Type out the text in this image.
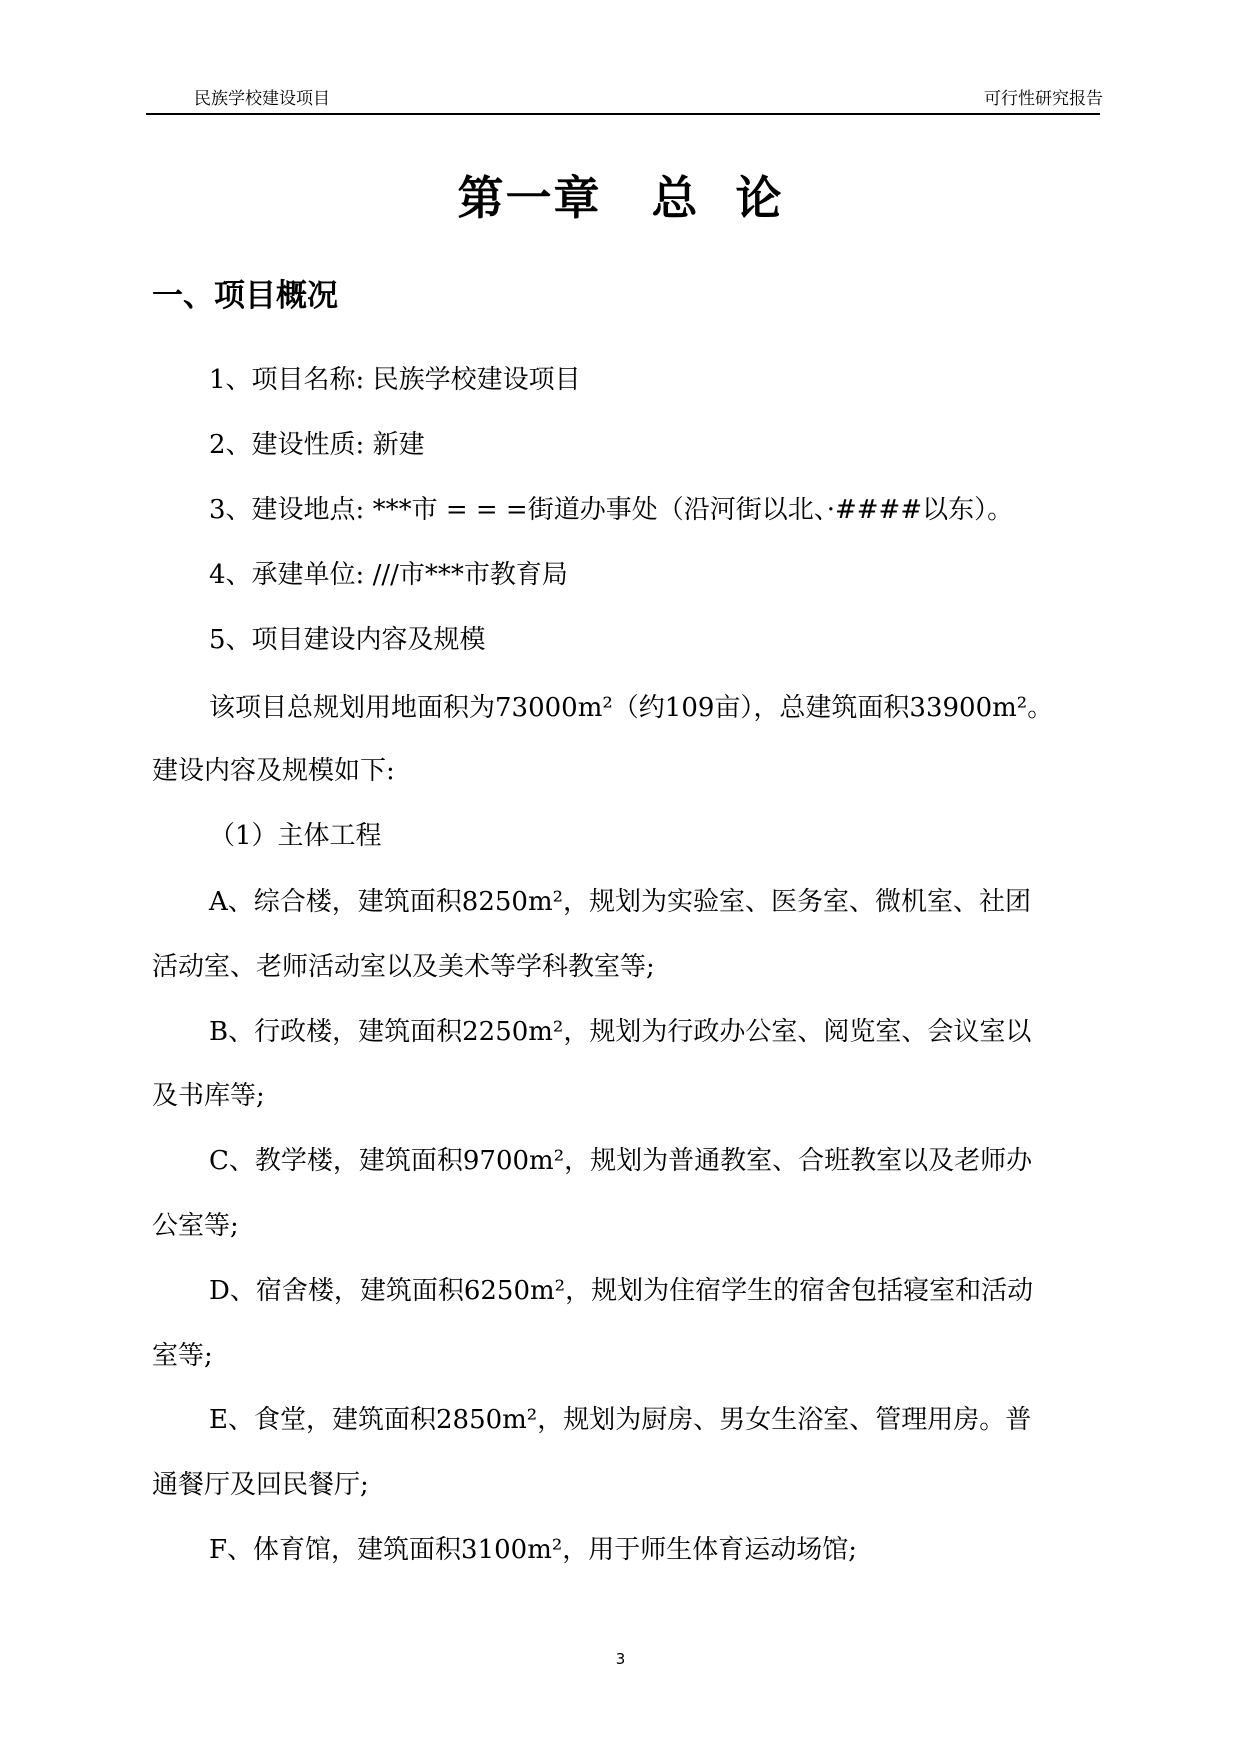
民族学校建设项目	可行性研究报告
第一章 总  论
一、项目概况
1、项目名称: 民族学校建设项目
2、建设性质: 新建
3、建设地点: ***市 = = =街道办事处（沿河街以北、·####以东）。
4、承建单位: ///市***市教育局
5、项目建设内容及规模
该项目总规划用地面积为73000m²（约109亩），总建筑面积33900m²。
建设内容及规模如下:
（1）主体工程
A、综合楼，建筑面积8250m²，规划为实验室、医务室、微机室、社团
活动室、老师活动室以及美术等学科教室等;
B、行政楼，建筑面积2250m²，规划为行政办公室、阅览室、会议室以
及书库等;
C、教学楼，建筑面积9700m²，规划为普通教室、合班教室以及老师办
公室等;
D、宿舍楼，建筑面积6250m²，规划为住宿学生的宿舍包括寝室和活动
室等;
E、食堂，建筑面积2850m²，规划为厨房、男女生浴室、管理用房。普
通餐厅及回民餐厅;
F、体育馆，建筑面积3100m²，用于师生体育运动场馆;
3
